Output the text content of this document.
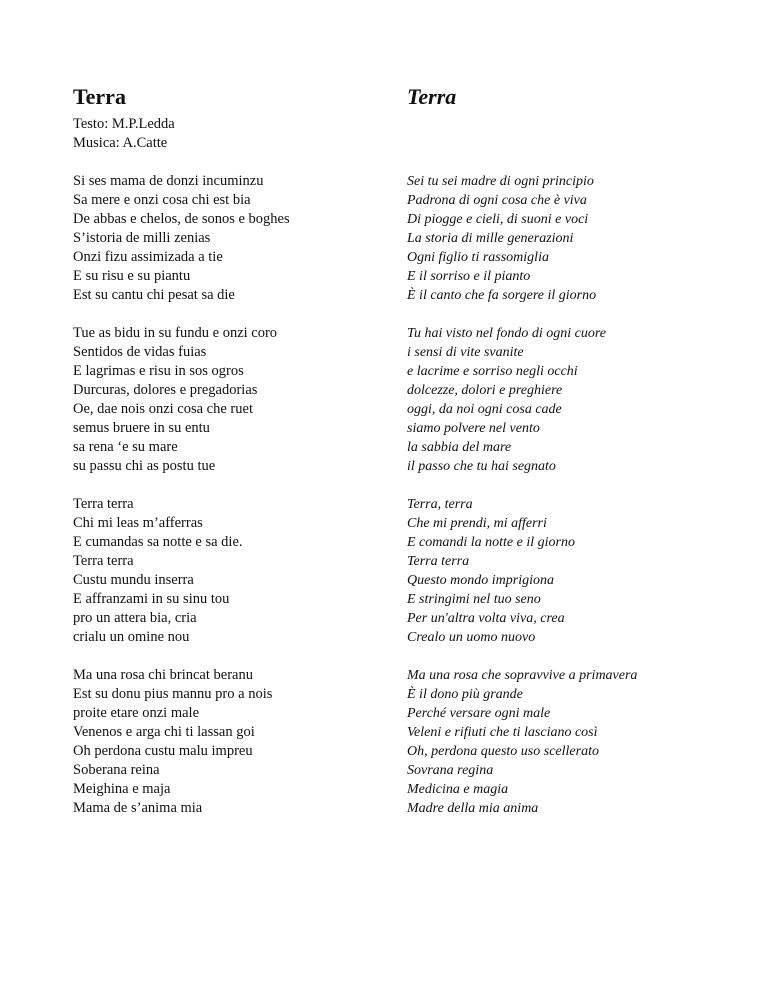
Terra
Testo: M.P.Ledda
Musica: A.Catte
Si ses mama de donzi incuminzu
Sa mere e onzi cosa chi est bia
De abbas e chelos, de sonos e boghes
S’istoria de milli zenias
Onzi fizu assimizada a tie
E su risu e su piantu
Est su cantu chi pesat sa die
Tue as bidu in su fundu e onzi coro
Sentidos de vidas fuias
E lagrimas e risu in sos ogros
Durcuras, dolores e pregadorias
Oe, dae nois onzi cosa che ruet
semus bruere in su entu
sa rena ‘e su mare
su passu chi as postu tue
Terra terra
Chi mi leas m’afferras
E cumandas sa notte e sa die.
Terra terra
Custu mundu inserra
E affranzami in su sinu tou
pro un attera bia, cria
crialu un omine nou
Ma una rosa chi brincat beranu
Est su donu pius mannu pro a nois
proite etare onzi male
Venenos e arga chi ti lassan goi
Oh perdona custu malu impreu
Soberana reina
Meighina e maja
Mama de s’anima mia
Terra
Sei tu sei madre di ogni principio
Padrona di ogni cosa che è viva
Di piogge e cieli, di suoni e voci
La storia di mille generazioni
Ogni figlio ti rassomiglia
E il sorriso e il pianto
È il canto che fa sorgere il giorno
Tu hai visto nel fondo di ogni cuore
i sensi di vite svanite
e lacrime e sorriso negli occhi
dolcezze, dolori e preghiere
oggi, da noi ogni cosa cade
siamo polvere nel vento
la sabbia del mare
il passo che tu hai segnato
Terra, terra
Che mi prendi, mi afferri
E comandi la notte e il giorno
Terra terra
Questo mondo imprigiona
E stringimi nel tuo seno
Per un'altra volta viva, crea
Crealo un uomo nuovo
Ma una rosa che sopravvive a primavera
È il dono più grande
Perché versare ogni male
Veleni e rifiuti che ti lasciano così
Oh, perdona questo uso scellerato
Sovrana regina
Medicina e magia
Madre della mia anima
